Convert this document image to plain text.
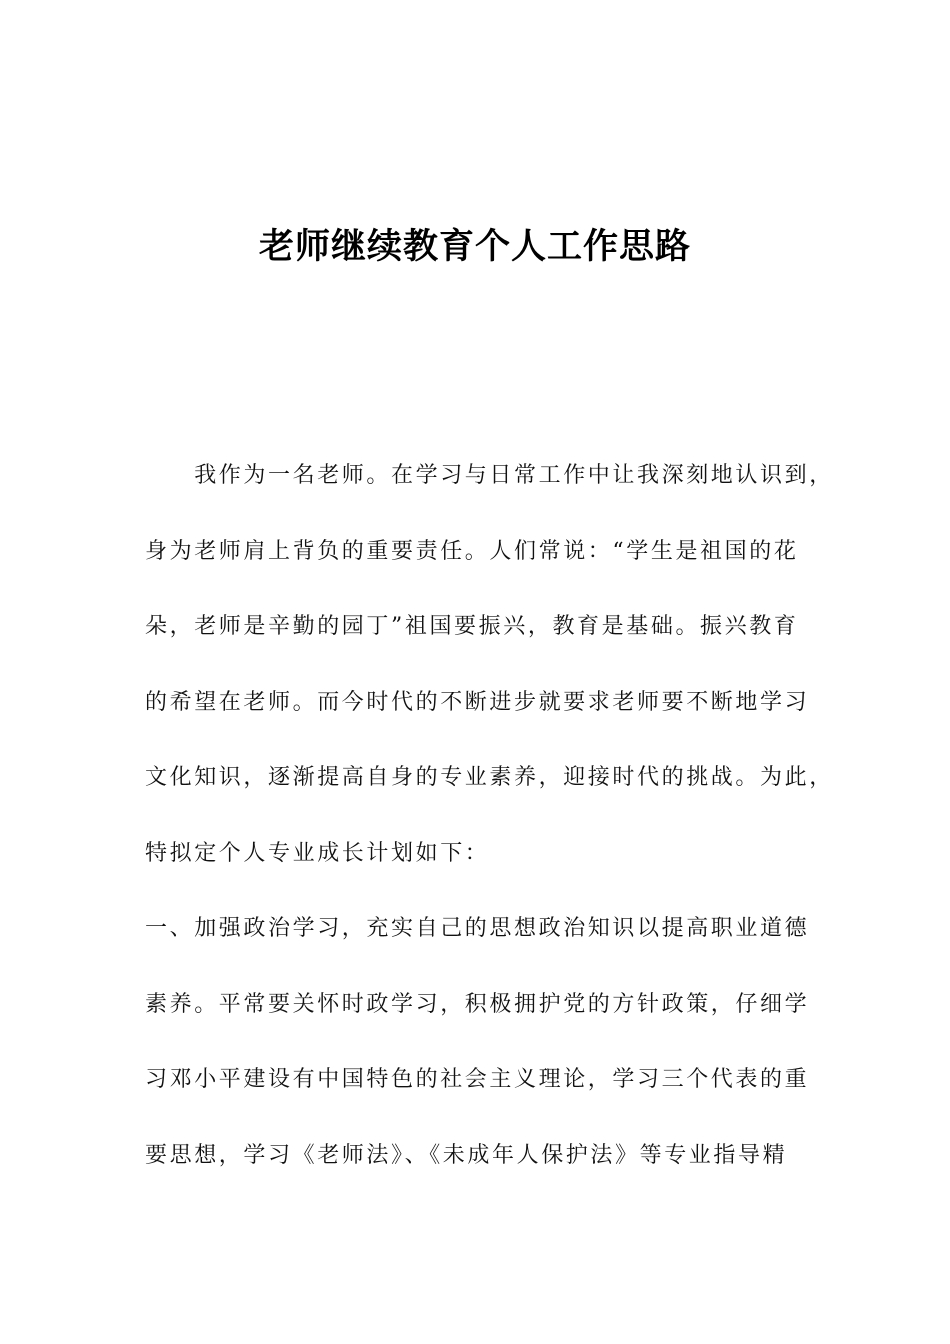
老师继续教育个人工作思路
　　我作为一名老师。在学习与日常工作中让我深刻地认识到，
身为老师肩上背负的重要责任。人们常说：“学生是祖国的花
朵，老师是辛勤的园丁”祖国要振兴，教育是基础。振兴教育
的希望在老师。而今时代的不断进步就要求老师要不断地学习
文化知识，逐渐提高自身的专业素养，迎接时代的挑战。为此，
特拟定个人专业成长计划如下：
一、加强政治学习，充实自己的思想政治知识以提高职业道德
素养。平常要关怀时政学习，积极拥护党的方针政策，仔细学
习邓小平建设有中国特色的社会主义理论，学习三个代表的重
要思想，学习《老师法》、《未成年人保护法》等专业指导精
